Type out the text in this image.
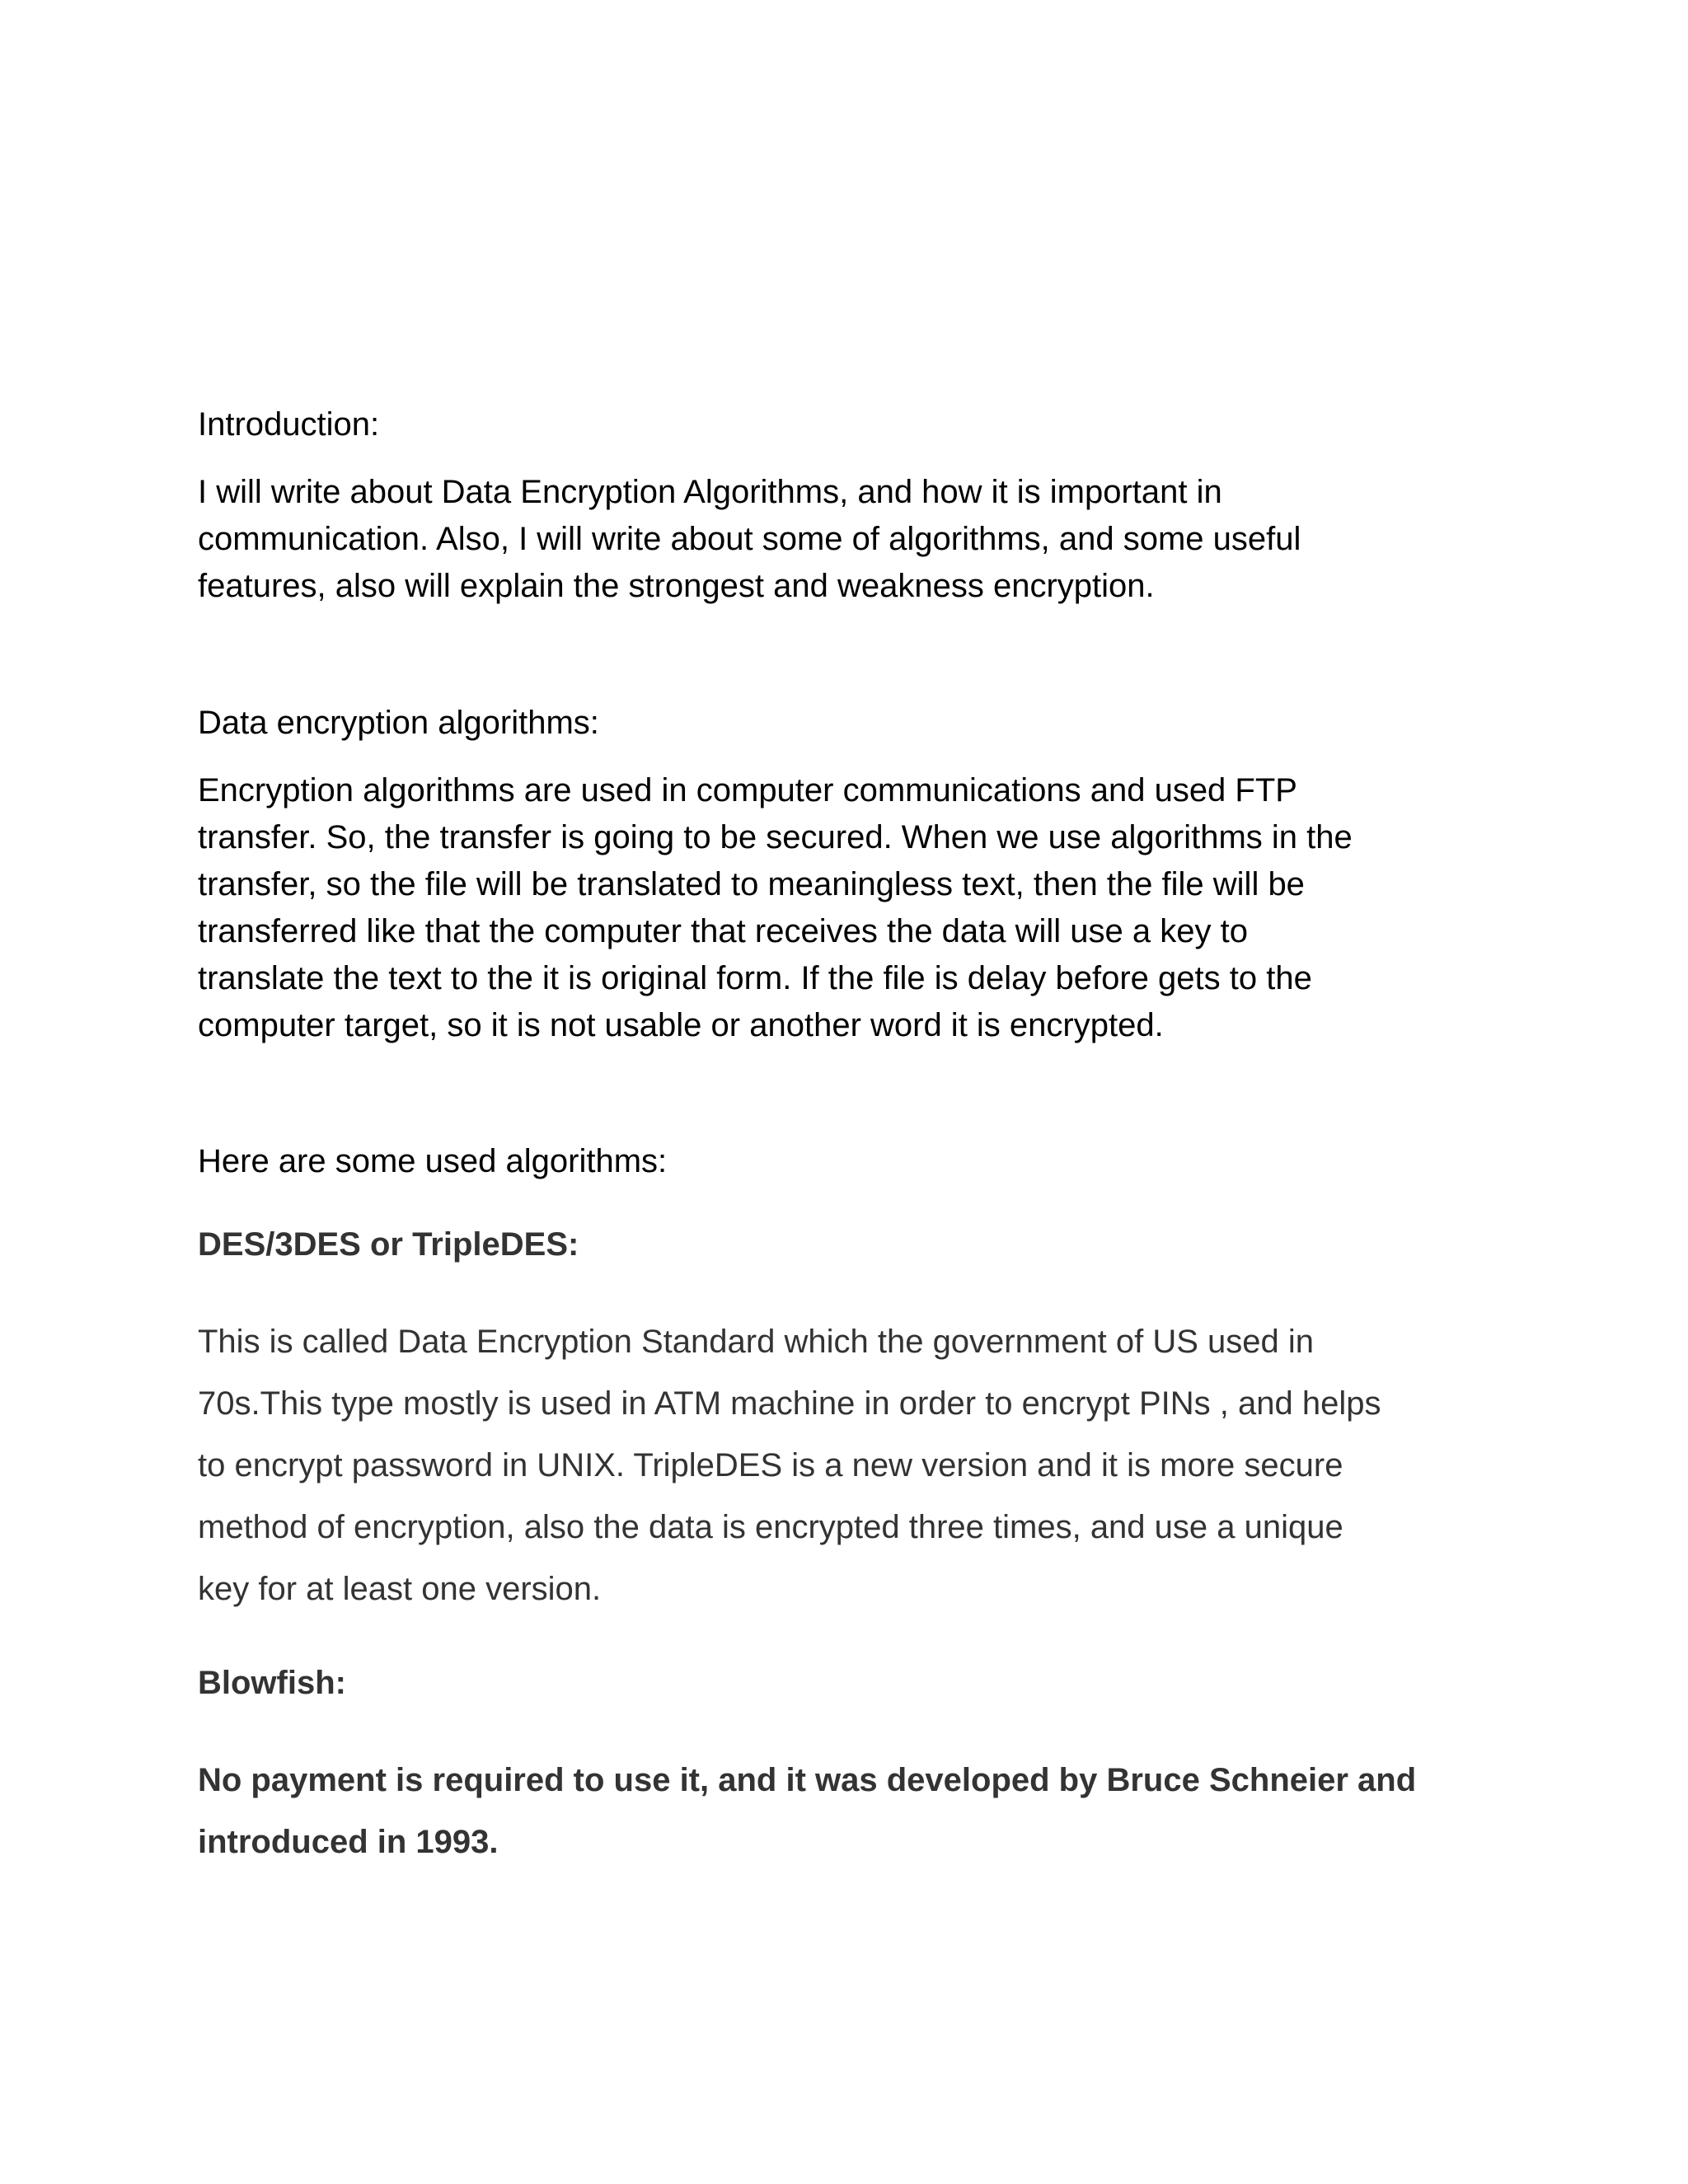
Introduction:
I will write about Data Encryption Algorithms, and how it is important in
communication. Also, I will write about some of algorithms, and some useful
features, also will explain the strongest and weakness encryption.
Data encryption algorithms:
Encryption algorithms are used in computer communications and used FTP
transfer. So, the transfer is going to be secured. When we use algorithms in the
transfer, so the file will be translated to meaningless text, then the file will be
transferred like that the computer that receives the data will use a key to
translate the text to the it is original form. If the file is delay before gets to the
computer target, so it is not usable or another word it is encrypted.
Here are some used algorithms:
DES/3DES or TripleDES:
This is called Data Encryption Standard which the government of US used in
70s.This type mostly is used in ATM machine in order to encrypt PINs , and helps
to encrypt password in UNIX. TripleDES is a new version and it is more secure
method of encryption, also the data is encrypted three times, and use a unique
key for at least one version.
Blowfish:
No payment is required to use it, and it was developed by Bruce Schneier and
introduced in 1993.
